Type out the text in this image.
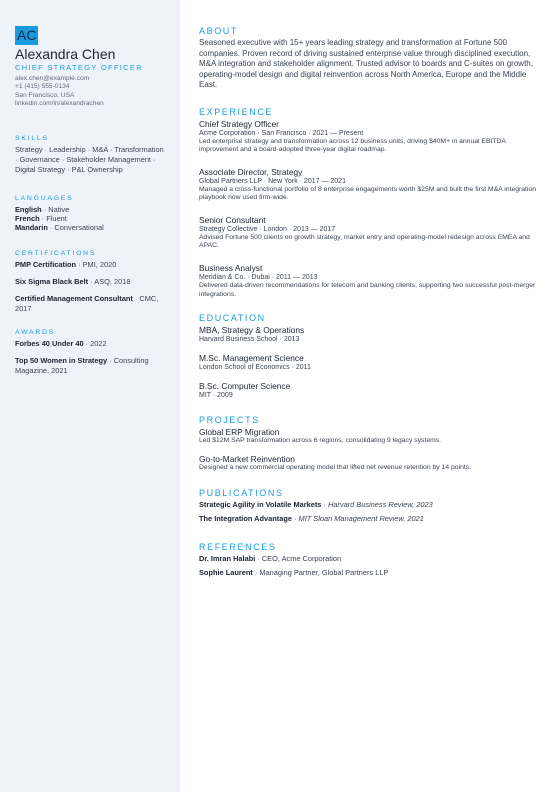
AC
Alexandra Chen
CHIEF STRATEGY OFFICER
alex.chen@example.com
+1 (415) 555-0134
San Francisco, USA
linkedin.com/in/alexandrachen
SKILLS

Strategy · Leadership · M&A · Transformation · Governance · Stakeholder Management · Digital Strategy · P&L Ownership

LANGUAGES
English · Native
French · Fluent
Mandarin · Conversational
CERTIFICATIONS
PMP Certification · PMI, 2020
Six Sigma Black Belt · ASQ, 2018
Certified Management Consultant · CMC, 2017
AWARDS
Forbes 40 Under 40 · 2022
Top 50 Women in Strategy · Consulting Magazine, 2021
ABOUT

Seasoned executive with 15+ years leading strategy and transformation at Fortune 500 companies. Proven record of driving sustained enterprise value through disciplined execution, M&A integration and stakeholder alignment. Trusted advisor to boards and C-suites on growth, operating-model design and digital reinvention across North America, Europe and the Middle East.

EXPERIENCE
Chief Strategy Officer
Acme Corporation · San Francisco · 2021 — Present
Led enterprise strategy and transformation across 12 business units, driving $40M+ in annual EBITDA improvement and a board-adopted three-year digital roadmap.
Associate Director, Strategy
Global Partners LLP · New York · 2017 — 2021
Managed a cross-functional portfolio of 8 enterprise engagements worth $25M and built the first M&A integration playbook now used firm-wide.
Senior Consultant
Strategy Collective · London · 2013 — 2017
Advised Fortune 500 clients on growth strategy, market entry and operating-model redesign across EMEA and APAC.
Business Analyst
Meridian & Co. · Dubai · 2011 — 2013
Delivered data-driven recommendations for telecom and banking clients, supporting two successful post-merger integrations.
EDUCATION
MBA, Strategy & Operations
Harvard Business School · 2013
M.Sc. Management Science
London School of Economics · 2011
B.Sc. Computer Science
MIT · 2009
PROJECTS
Global ERP Migration
Led $12M SAP transformation across 6 regions, consolidating 9 legacy systems.
Go-to-Market Reinvention
Designed a new commercial operating model that lifted net revenue retention by 14 points.
PUBLICATIONS
Strategic Agility in Volatile Markets · Harvard Business Review, 2023
The Integration Advantage · MIT Sloan Management Review, 2021
REFERENCES
Dr. Imran Halabi · CEO, Acme Corporation
Sophie Laurent · Managing Partner, Global Partners LLP
